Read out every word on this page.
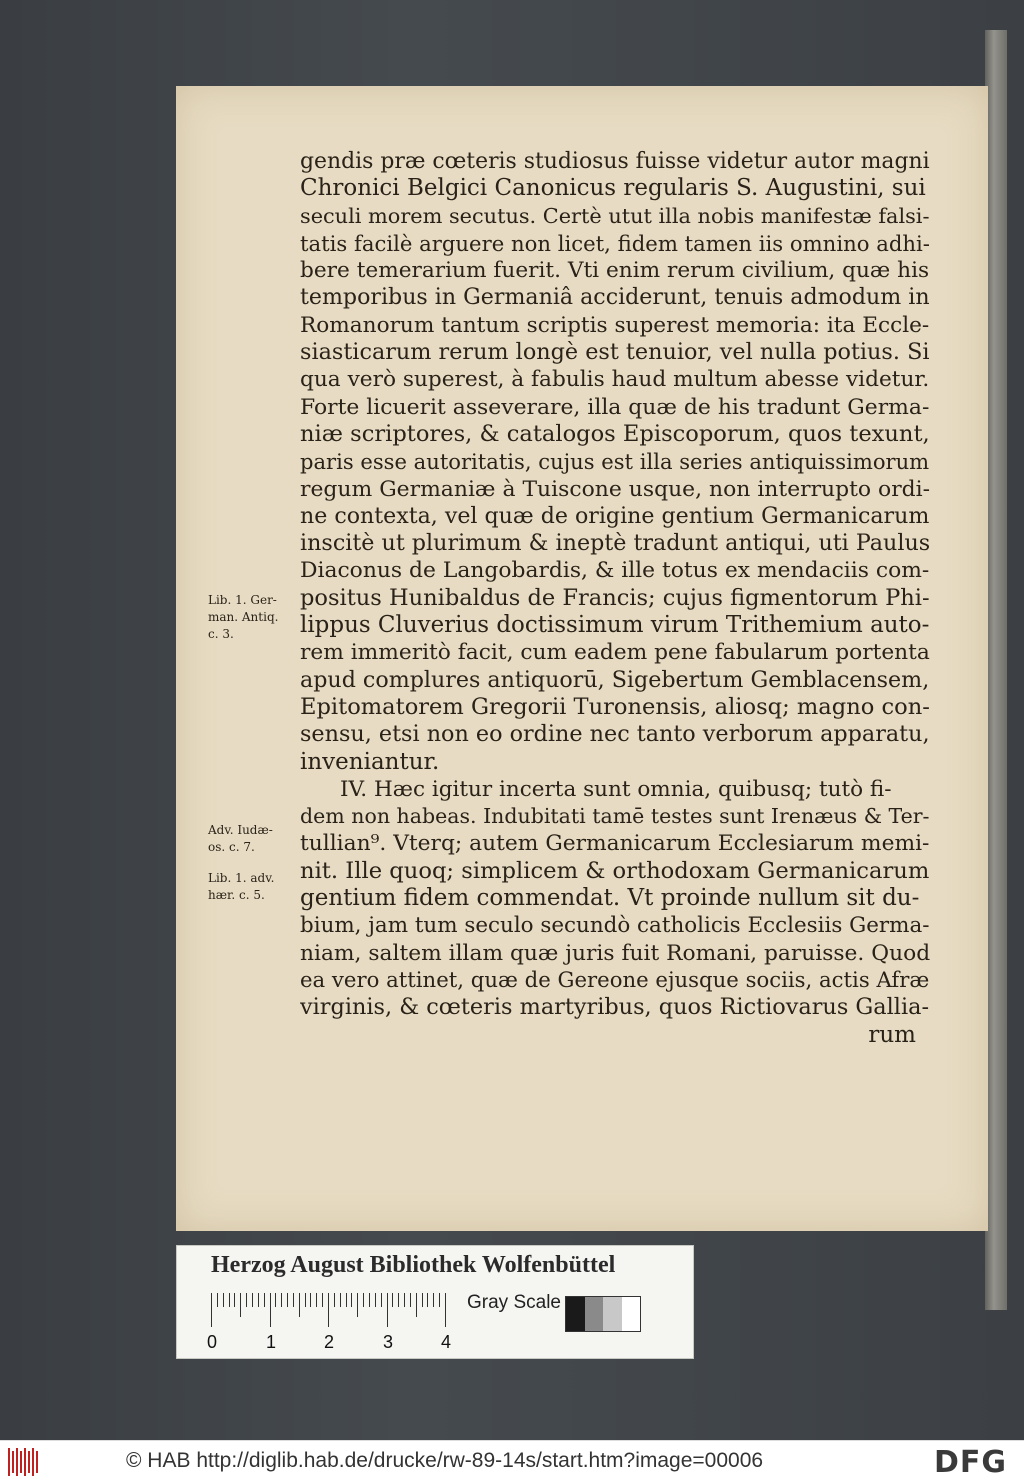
gendis præ cœteris studiosus fuisse videtur autor magni
Chronici Belgici Canonicus regularis S. Augustini, sui
seculi morem secutus. Certè utut illa nobis manifestæ falsi-
tatis facilè arguere non licet, fidem tamen iis omnino adhi-
bere temerarium fuerit. Vti enim rerum civilium, quæ his
temporibus in Germaniâ acciderunt, tenuis admodum in
Romanorum tantum scriptis superest memoria: ita Eccle-
siasticarum rerum longè est tenuior, vel nulla potius. Si
qua verò superest, à fabulis haud multum abesse videtur.
Forte licuerit asseverare, illa quæ de his tradunt Germa-
niæ scriptores, & catalogos Episcoporum, quos texunt,
paris esse autoritatis, cujus est illa series antiquissimorum
regum Germaniæ à Tuiscone usque, non interrupto ordi-
ne contexta, vel quæ de origine gentium Germanicarum
inscitè ut plurimum & ineptè tradunt antiqui, uti Paulus
Diaconus de Langobardis, & ille totus ex mendaciis com-
positus Hunibaldus de Francis; cujus figmentorum Phi-
lippus Cluverius doctissimum virum Trithemium auto-
rem immeritò facit, cum eadem pene fabularum portenta
apud complures antiquorū, Sigebertum Gemblacensem,
Epitomatorem Gregorii Turonensis, aliosq; magno con-
sensu, etsi non eo ordine nec tanto verborum apparatu,
inveniantur.
IV. Hæc igitur incerta sunt omnia, quibusq; tutò fi-
dem non habeas. Indubitati tamē testes sunt Irenæus & Ter-
tullian⁹. Vterq; autem Germanicarum Ecclesiarum memi-
nit. Ille quoq; simplicem & orthodoxam Germanicarum
gentium fidem commendat. Vt proinde nullum sit du-
bium, jam tum seculo secundò catholicis Ecclesiis Germa-
niam, saltem illam quæ juris fuit Romani, paruisse. Quod
ea vero attinet, quæ de Gereone ejusque sociis, actis Afræ
virginis, & cœteris martyribus, quos Rictiovarus Gallia-
rum
Lib. 1. Ger-
man. Antiq.
c. 3.
Adv. Iudæ-
os. c. 7.
Lib. 1. adv.
hær. c. 5.
Herzog August Bibliothek Wolfenbüttel
0	1	2	3	4
Gray Scale
© HAB http://diglib.hab.de/drucke/rw-89-14s/start.htm?image=00006	DFG
